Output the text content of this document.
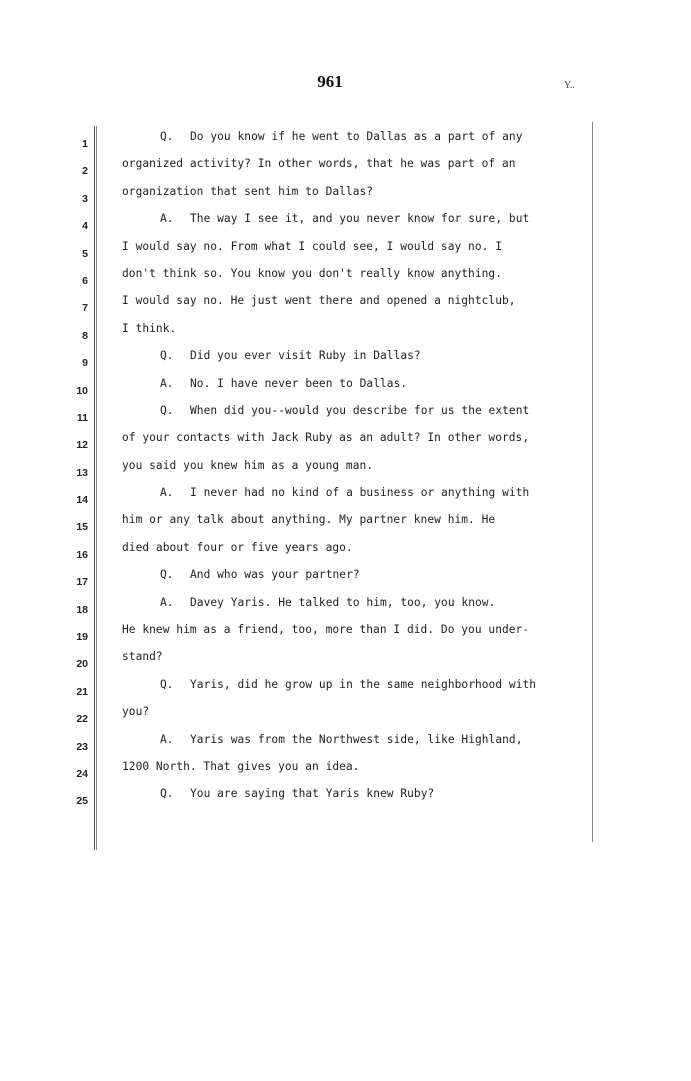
961	Y..
1
2
3
4
5
6
7
8
9
10
11
12
13
14
15
16
17
18
19
20
21
22
23
24
25
Q. Do you know if he went to Dallas as a part of any
organized activity? In other words, that he was part of an
organization that sent him to Dallas?
A. The way I see it, and you never know for sure, but
I would say no. From what I could see, I would say no. I
don't think so. You know you don't really know anything.
I would say no. He just went there and opened a nightclub,
I think.
Q. Did you ever visit Ruby in Dallas?
A. No. I have never been to Dallas.
Q. When did you--would you describe for us the extent
of your contacts with Jack Ruby as an adult? In other words,
you said you knew him as a young man.
A. I never had no kind of a business or anything with
him or any talk about anything. My partner knew him. He
died about four or five years ago.
Q. And who was your partner?
A. Davey Yaris. He talked to him, too, you know.
He knew him as a friend, too, more than I did. Do you under-
stand?
Q. Yaris, did he grow up in the same neighborhood with
you?
A. Yaris was from the Northwest side, like Highland,
1200 North. That gives you an idea.
Q. You are saying that Yaris knew Ruby?
